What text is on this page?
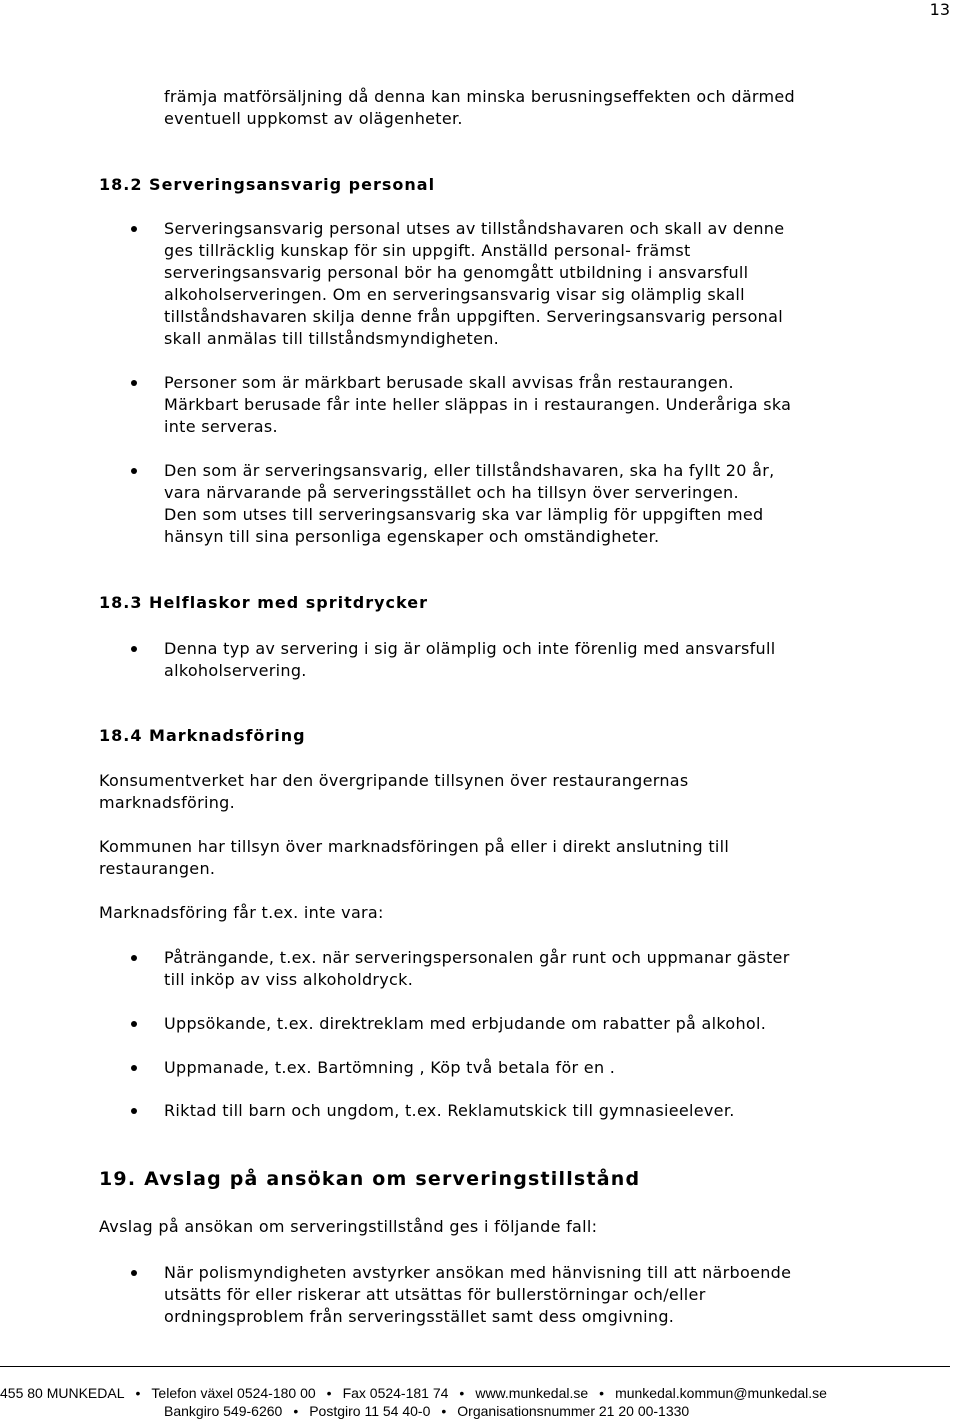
13
främja matförsäljning då denna kan minska berusningseffekten och därmed
eventuell uppkomst av olägenheter.
18.2 Serveringsansvarig personal
Serveringsansvarig personal utses av tillståndshavaren och skall av denne
ges tillräcklig kunskap för sin uppgift. Anställd personal- främst
serveringsansvarig personal bör ha genomgått utbildning i ansvarsfull
alkoholserveringen. Om en serveringsansvarig visar sig olämplig skall
tillståndshavaren skilja denne från uppgiften. Serveringsansvarig personal
skall anmälas till tillståndsmyndigheten.
Personer som är märkbart berusade skall avvisas från restaurangen.
Märkbart berusade får inte heller släppas in i restaurangen. Underåriga ska
inte serveras.
Den som är serveringsansvarig, eller tillståndshavaren, ska ha fyllt 20 år,
vara närvarande på serveringsstället och ha tillsyn över serveringen.
Den som utses till serveringsansvarig ska var lämplig för uppgiften med
hänsyn till sina personliga egenskaper och omständigheter.
18.3 Helflaskor med spritdrycker
Denna typ av servering i sig är olämplig och inte förenlig med ansvarsfull
alkoholservering.
18.4 Marknadsföring
Konsumentverket har den övergripande tillsynen över restaurangernas
marknadsföring.
Kommunen har tillsyn över marknadsföringen på eller i direkt anslutning till
restaurangen.
Marknadsföring får t.ex. inte vara:
Påträngande, t.ex. när serveringspersonalen går runt och uppmanar gäster
till inköp av viss alkoholdryck.
Uppsökande, t.ex. direktreklam med erbjudande om rabatter på alkohol.
Uppmanade, t.ex. Bartömning , Köp två betala för en .
Riktad till barn och ungdom, t.ex. Reklamutskick till gymnasieelever.
19. Avslag på ansökan om serveringstillstånd
Avslag på ansökan om serveringstillstånd ges i följande fall:
När polismyndigheten avstyrker ansökan med hänvisning till att närboende
utsätts för eller riskerar att utsättas för bullerstörningar och/eller
ordningsproblem från serveringsstället samt dess omgivning.
455 80 MUNKEDAL • Telefon växel 0524-180 00 • Fax 0524-181 74 • www.munkedal.se • munkedal.kommun@munkedal.se
Bankgiro 549-6260 • Postgiro 11 54 40-0 • Organisationsnummer 21 20 00-1330
